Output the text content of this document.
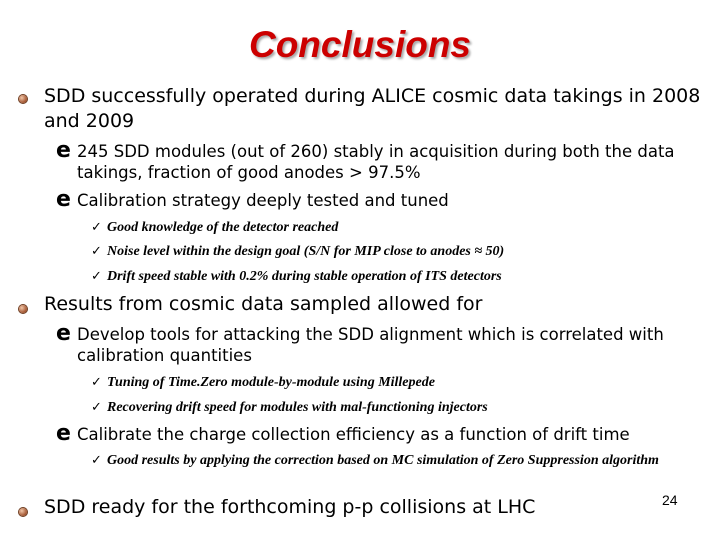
Conclusions
SDD successfully operated during ALICE cosmic data takings in 2008 and 2009
e 245 SDD modules (out of 260) stably in acquisition during both the data takings, fraction of good anodes > 97.5%
e Calibration strategy deeply tested and tuned
✓ Good knowledge of the detector reached
✓ Noise level within the design goal (S/N for MIP close to anodes ≈ 50)
✓ Drift speed stable with 0.2% during stable operation of ITS detectors
Results from cosmic data sampled allowed for
e Develop tools for attacking the SDD alignment which is correlated with calibration quantities
✓ Tuning of Time.Zero module-by-module using Millepede
✓ Recovering drift speed for modules with mal-functioning injectors
e Calibrate the charge collection efficiency as a function of drift time
✓ Good results by applying the correction based on MC simulation of Zero Suppression algorithm
SDD ready for the forthcoming p-p collisions at LHC	24
